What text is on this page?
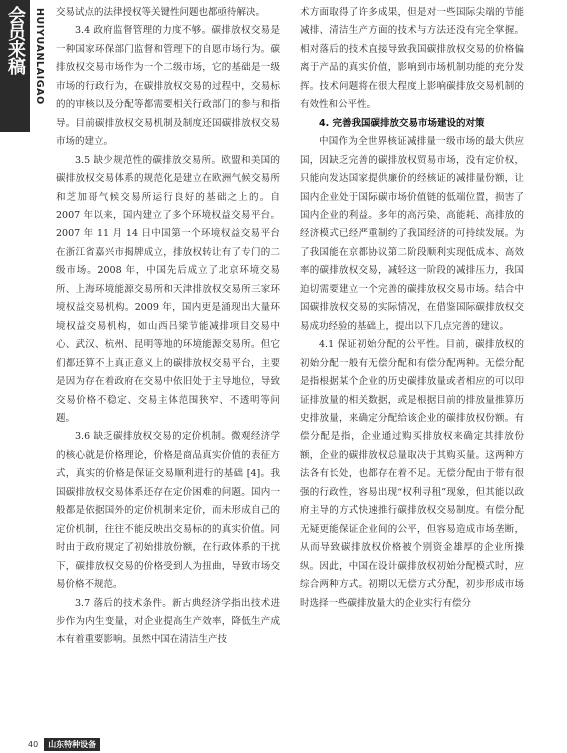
会员来稿 HUIYUANLAIGAO 交易试点的法律授权等关键性问题也都亟待解决。

3.4 政府监督管理的力度不够。碳排放权交易是一种国家环保部门监督和管理下的自愿市场行为。碳排放权交易市场作为一个二级市场，它的基础是一级市场的行政行为，在碳排放权交易的过程中，交易标的的审核以及分配等都需要相关行政部门的参与和指导。目前碳排放权交易机制及制度还国碳排放权交易市场的建立。

3.5 缺少规范性的碳排放交易所。欧盟和美国的碳排放权交易体系的规范化是建立在欧洲气候交易所和芝加哥气候交易所运行良好的基础之上的。自 2007 年以来，国内建立了多个环境权益交易平台。2007 年 11 月 14 日中国第一个环境权益交易平台在浙江省嘉兴市揭牌成立，排放权转让有了专门的二级市场。2008 年，中国先后成立了北京环境交易所、上海环境能源交易所和天津排放权交易所三家环境权益交易机构。2009 年，国内更是涌现出大量环境权益交易机构，如山西吕梁节能减排项目交易中心、武汉、杭州、昆明等地的环境能源交易所。但它们都还算不上真正意义上的碳排放权交易平台，主要是因为存在着政府在交易中依旧处于主导地位，导致交易价格不稳定、交易主体范围狭窄、不透明等问题。

3.6 缺乏碳排放权交易的定价机制。微观经济学的核心就是价格理论，价格是商品真实价值的表征方式，真实的价格是保证交易顺利进行的基础 [4]。我国碳排放权交易体系还存在定价困难的问题。国内一般都是依据国外的定价机制来定价，而未形成自己的定价机制，往往不能反映出交易标的的真实价值。同时由于政府规定了初始排放份额，在行政体系的干扰下，碳排放权交易的价格受到人为扭曲，导致市场交易价格不规范。

3.7 落后的技术条件。新古典经济学指出技术进步作为内生变量，对企业提高生产效率，降低生产成本有着重要影响。虽然中国在清洁生产技

术方面取得了许多成果，但是对一些国际尖端的节能减排、清洁生产方面的技术与方法还没有完全掌握。相对落后的技术直接导致我国碳排放权交易的价格偏离于产品的真实价值，影响到市场机制功能的充分发挥。技术问题将在很大程度上影响碳排放交易机制的有效性和公平性。

4. 完善我国碳排放交易市场建设的对策

中国作为全世界核证减排量一级市场的最大供应国，因缺乏完善的碳排放权贸易市场，没有定价权，只能向发达国家提供廉价的经核证的减排量份额，让国内企业处于国际碳市场价值链的低端位置，损害了国内企业的利益。多年的高污染、高能耗、高排放的经济模式已经严重制约了我国经济的可持续发展。为了我国能在京都协议第二阶段顺利实现低成本、高效率的碳排放权交易，减轻这一阶段的减排压力，我国迫切需要建立一个完善的碳排放权交易市场。结合中国碳排放权交易的实际情况，在借鉴国际碳排放权交易成功经验的基础上，提出以下几点完善的建议。

4.1 保证初始分配的公平性。目前，碳排放权的初始分配一般有无偿分配和有偿分配两种。无偿分配是指根据某个企业的历史碳排放量或者相应的可以印证排放量的相关数据，或是根据目前的排放量推算历史排放量，来确定分配给该企业的碳排放权份额。有偿分配是指，企业通过购买排放权来确定其排放份额，企业的碳排放权总量取决于其购买量。这两种方法各有长处，也都存在着不足。无偿分配由于带有很强的行政性，容易出现“权利寻租”现象，但其能以政府主导的方式快速推行碳排放权交易制度。有偿分配无疑更能保证企业间的公平，但容易造成市场垄断，从而导致碳排放权价格被个别资金雄厚的企业所操纵。因此，中国在设计碳排放权初始分配模式时，应综合两种方式。初期以无偿方式分配，初步形成市场时选择一些碳排放量大的企业实行有偿分

40	山东特种设备
